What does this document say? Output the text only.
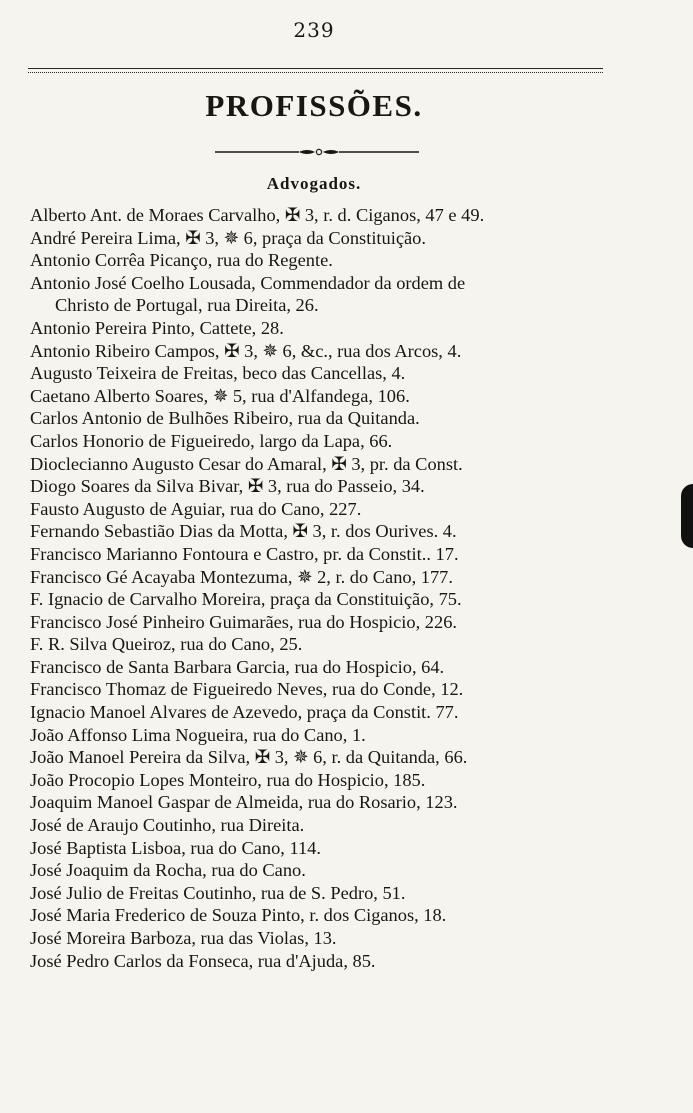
239
PROFISSÕES.
Advogados.
Alberto Ant. de Moraes Carvalho, ✠ 3, r. d. Ciganos, 47 e 49.
André Pereira Lima, ✠ 3, ✵ 6, praça da Constituição.
Antonio Corrêa Picanço, rua do Regente.
Antonio José Coelho Lousada, Commendador da ordem de
Christo de Portugal, rua Direita, 26.
Antonio Pereira Pinto, Cattete, 28.
Antonio Ribeiro Campos, ✠ 3, ✵ 6, &c., rua dos Arcos, 4.
Augusto Teixeira de Freitas, beco das Cancellas, 4.
Caetano Alberto Soares, ✵ 5, rua d'Alfandega, 106.
Carlos Antonio de Bulhões Ribeiro, rua da Quitanda.
Carlos Honorio de Figueiredo, largo da Lapa, 66.
Dioclecianno Augusto Cesar do Amaral, ✠ 3, pr. da Const.
Diogo Soares da Silva Bivar, ✠ 3, rua do Passeio, 34.
Fausto Augusto de Aguiar, rua do Cano, 227.
Fernando Sebastião Dias da Motta, ✠ 3, r. dos Ourives. 4.
Francisco Marianno Fontoura e Castro, pr. da Constit.. 17.
Francisco Gé Acayaba Montezuma, ✵ 2, r. do Cano, 177.
F. Ignacio de Carvalho Moreira, praça da Constituição, 75.
Francisco José Pinheiro Guimarães, rua do Hospicio, 226.
F. R. Silva Queiroz, rua do Cano, 25.
Francisco de Santa Barbara Garcia, rua do Hospicio, 64.
Francisco Thomaz de Figueiredo Neves, rua do Conde, 12.
Ignacio Manoel Alvares de Azevedo, praça da Constit. 77.
João Affonso Lima Nogueira, rua do Cano, 1.
João Manoel Pereira da Silva, ✠ 3, ✵ 6, r. da Quitanda, 66.
João Procopio Lopes Monteiro, rua do Hospicio, 185.
Joaquim Manoel Gaspar de Almeida, rua do Rosario, 123.
José de Araujo Coutinho, rua Direita.
José Baptista Lisboa, rua do Cano, 114.
José Joaquim da Rocha, rua do Cano.
José Julio de Freitas Coutinho, rua de S. Pedro, 51.
José Maria Frederico de Souza Pinto, r. dos Ciganos, 18.
José Moreira Barboza, rua das Violas, 13.
José Pedro Carlos da Fonseca, rua d'Ajuda, 85.
